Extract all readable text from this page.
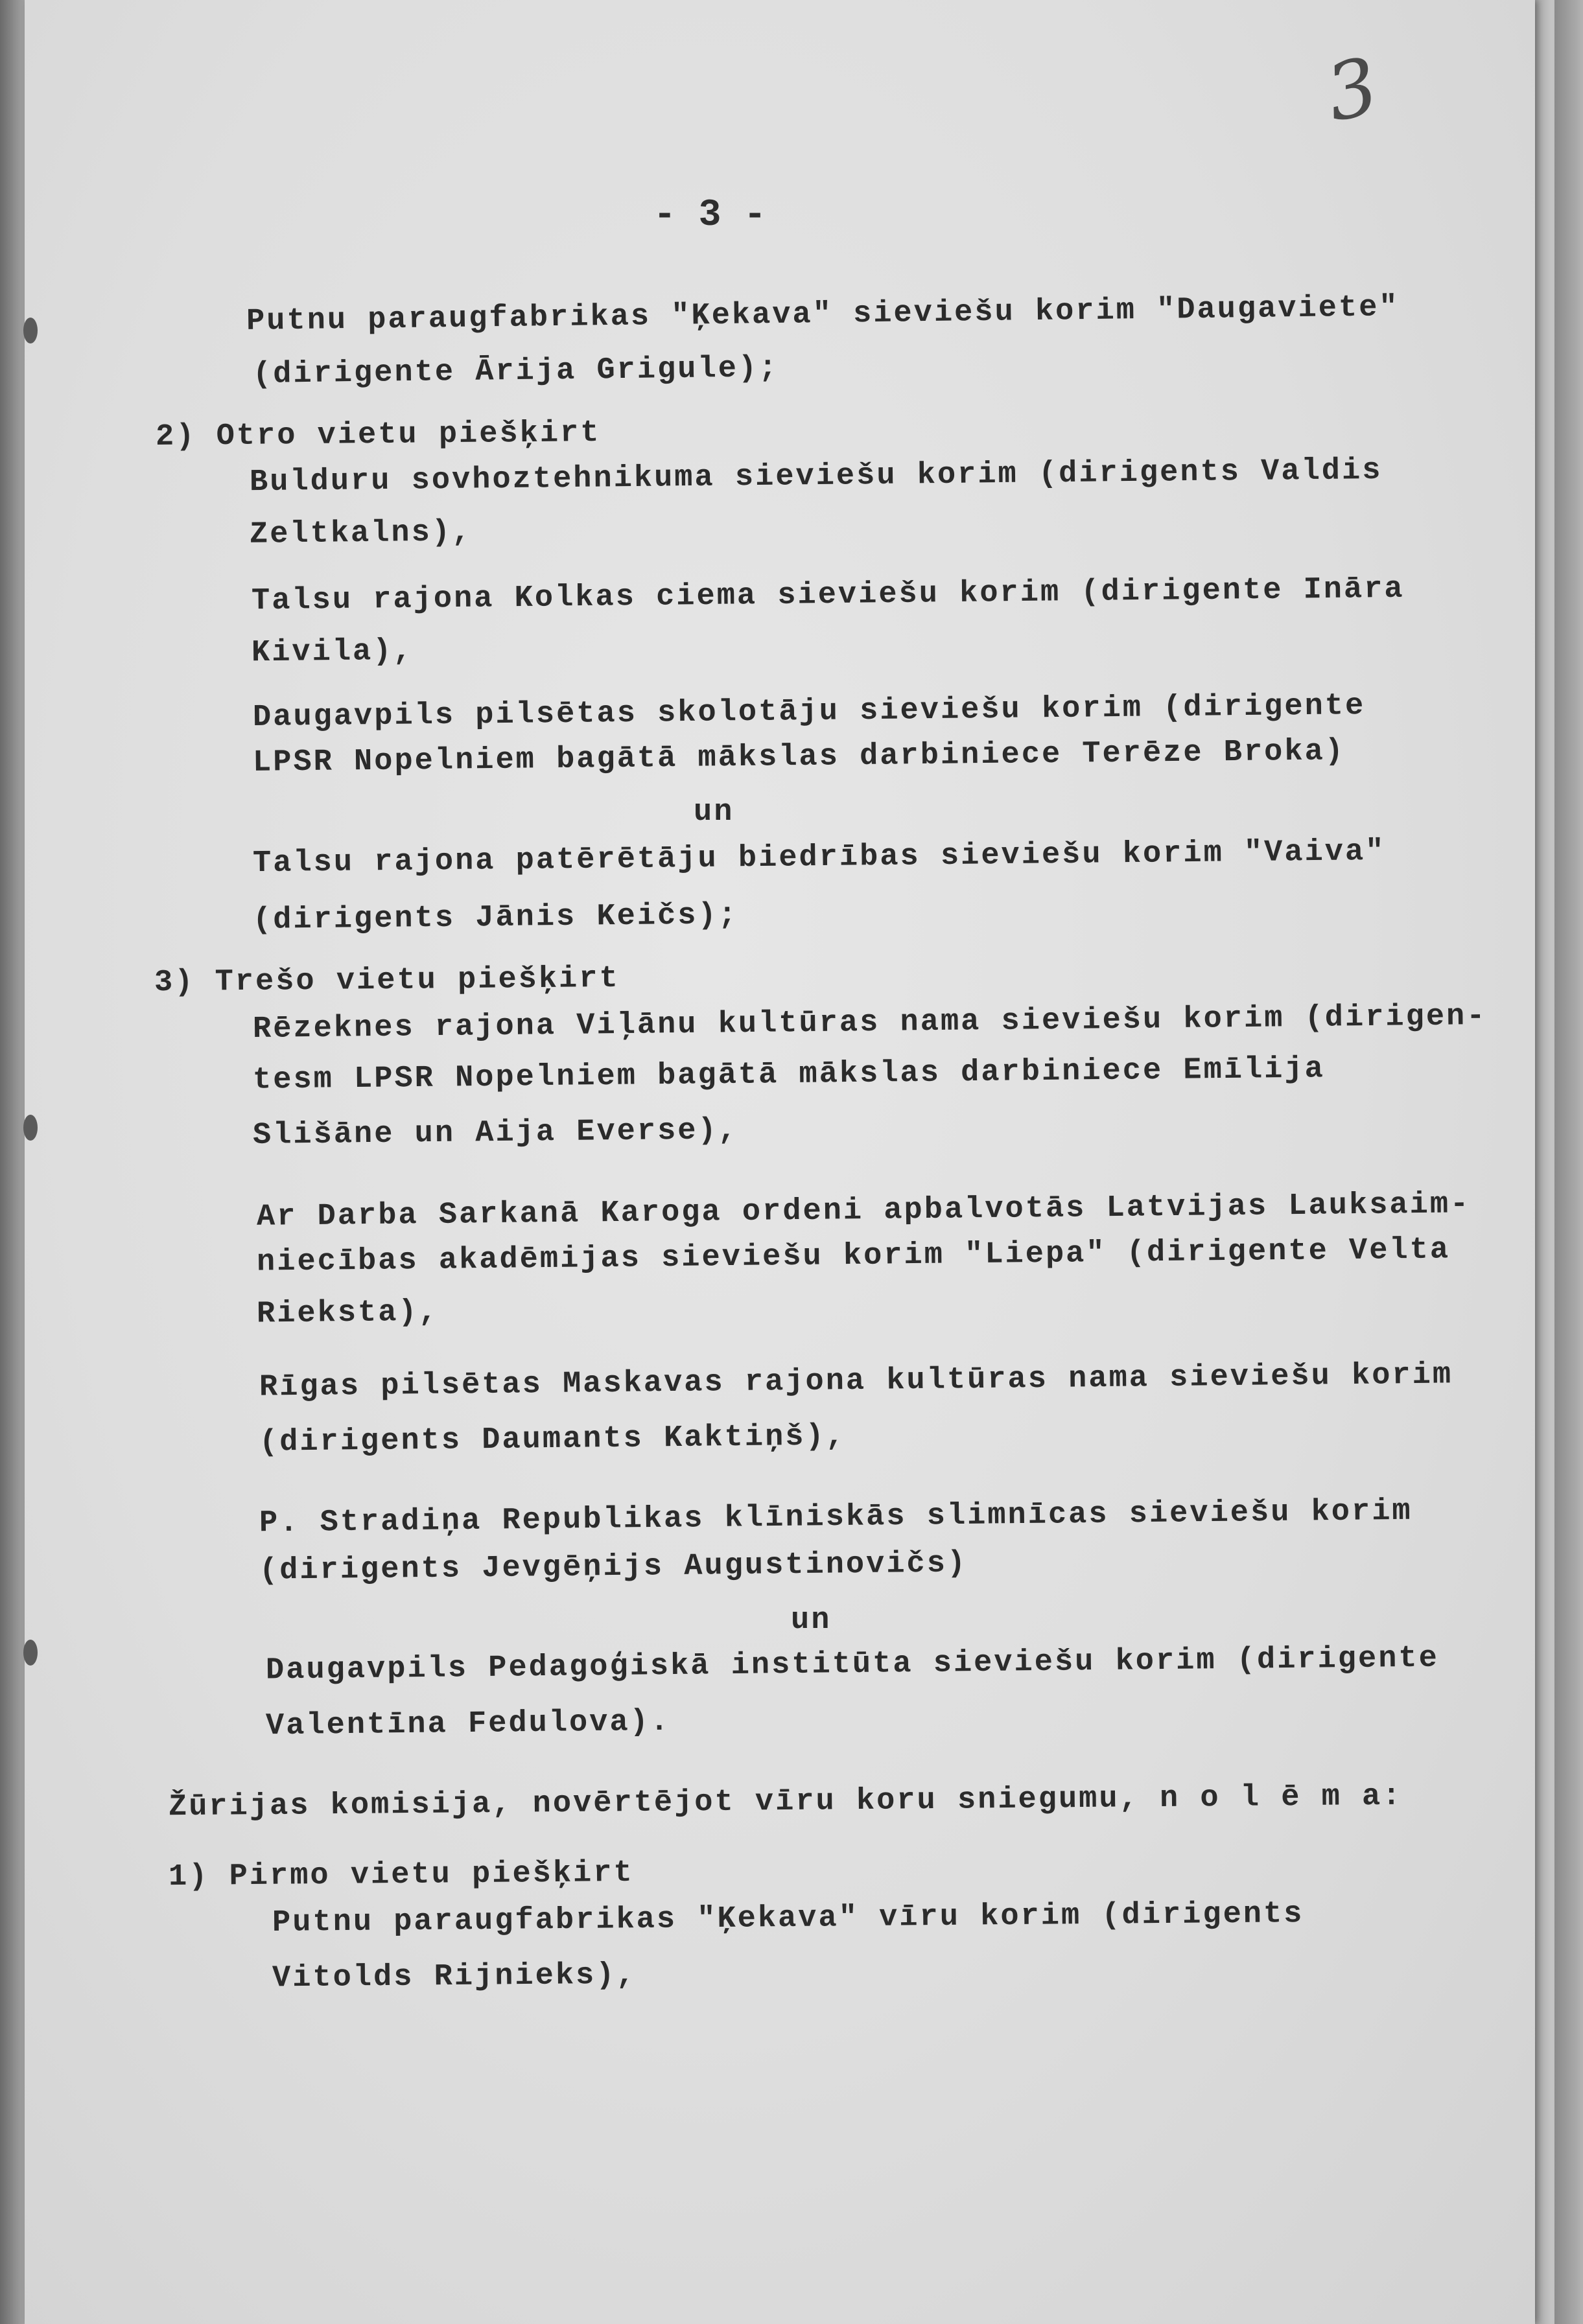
3
- 3 -

Putnu paraugfabrikas "Ķekava" sieviešu korim "Daugaviete"

(dirigente Ārija Grigule);

2) Otro vietu piešķirt

Bulduru sovhoztehnikuma sieviešu korim (dirigents Valdis

Zeltkalns),

Talsu rajona Kolkas ciema sieviešu korim (dirigente Ināra

Kivila),

Daugavpils pilsētas skolotāju sieviešu korim (dirigente

LPSR Nopelniem bagātā mākslas darbiniece Terēze Broka)

un

Talsu rajona patērētāju biedrības sieviešu korim "Vaiva"

(dirigents Jānis Keičs);

3) Trešo vietu piešķirt

Rēzeknes rajona Viļānu kultūras nama sieviešu korim (dirigen-

tesm LPSR Nopelniem bagātā mākslas darbiniece Emīlija

Slišāne un Aija Everse),

Ar Darba Sarkanā Karoga ordeni apbalvotās Latvijas Lauksaim-

niecības akadēmijas sieviešu korim "Liepa" (dirigente Velta

Rieksta),

Rīgas pilsētas Maskavas rajona kultūras nama sieviešu korim

(dirigents Daumants Kaktiņš),

P. Stradiņa Republikas klīniskās slimnīcas sieviešu korim

(dirigents Jevgēņijs Augustinovičs)

un

Daugavpils Pedagoģiskā institūta sieviešu korim (dirigente

Valentīna Fedulova).

Žūrijas komisija, novērtējot vīru koru sniegumu, n o l ē m a:

1) Pirmo vietu piešķirt

Putnu paraugfabrikas "Ķekava" vīru korim (dirigents

Vitolds Rijnieks),
